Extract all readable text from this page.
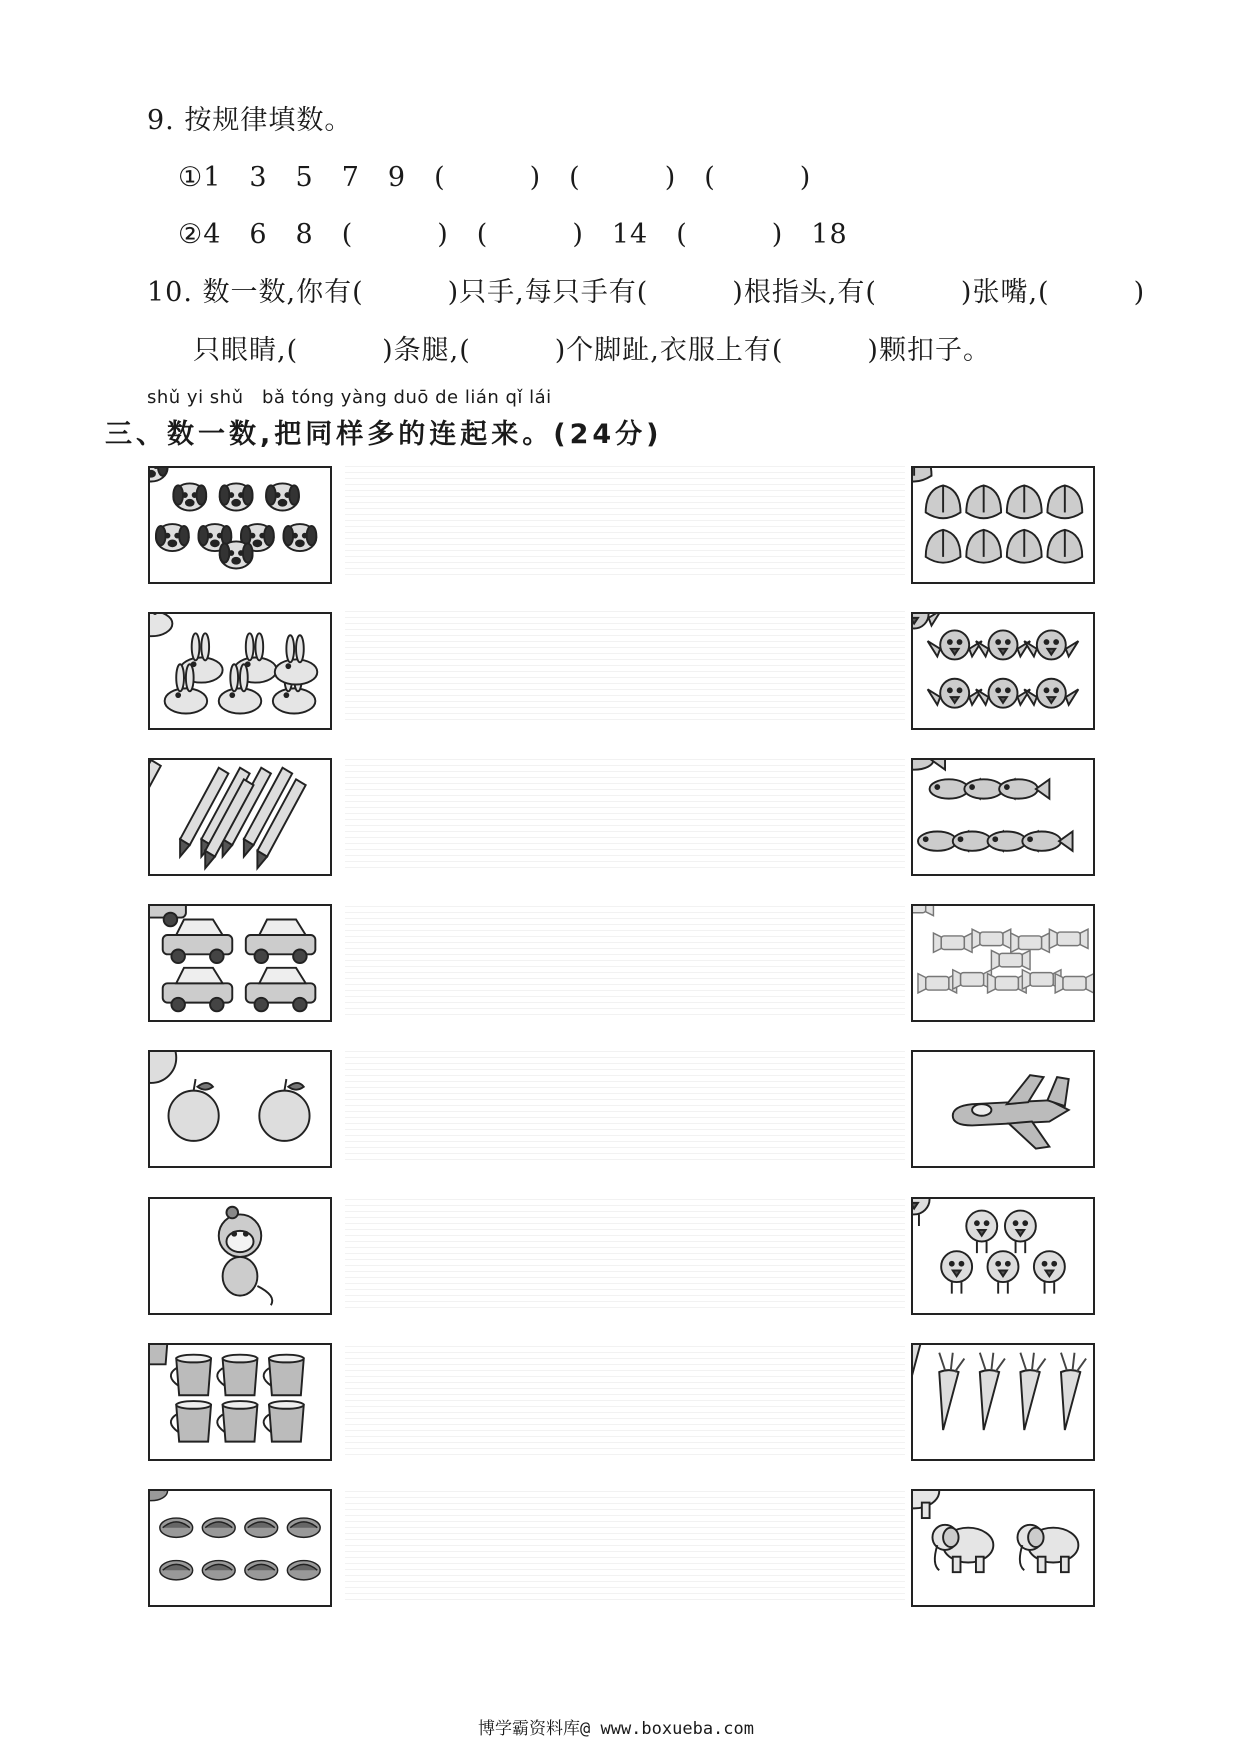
9. 按规律填数。
①1　3　5　7　9　(　　　)　(　　　)　(　　　)
②4　6　8　(　　　)　(　　　)　14　(　　　)　18
10. 数一数,你有(　　　)只手,每只手有(　　　)根指头,有(　　　)张嘴,(　　　)
只眼睛,(　　　)条腿,(　　　)个脚趾,衣服上有(　　　)颗扣子。
shǔ yi shǔ　bǎ tóng yàng duō de lián qǐ lái
三、数一数,把同样多的连起来。(24分)
博学霸资料库@ www.boxueba.com
